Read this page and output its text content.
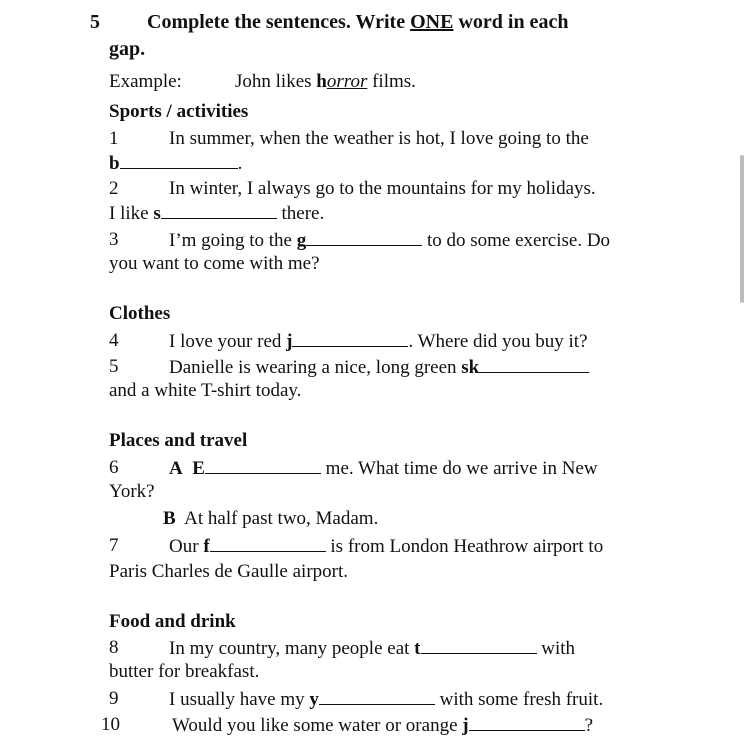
5 Complete the sentences. Write ONE word in each
gap.
Example:	John likes horror films.
Sports / activities
1	In summer, when the weather is hot, I love going to the
b	.
2	In winter, I always go to the mountains for my holidays.
I like s	there.
3	I’m going to the g	to do some exercise. Do
you want to come with me?
Clothes
4	I love your red j	. Where did you buy it?
5	Danielle is wearing a nice, long green sk
and a white T-shirt today.
Places and travel
6	A E	me. What time do we arrive in New
York?
B At half past two, Madam.
7	Our f	is from London Heathrow airport to
Paris Charles de Gaulle airport.
Food and drink
8	In my country, many people eat t	with
butter for breakfast.
9	I usually have my y	with some fresh fruit.
10	Would you like some water or orange j	?
